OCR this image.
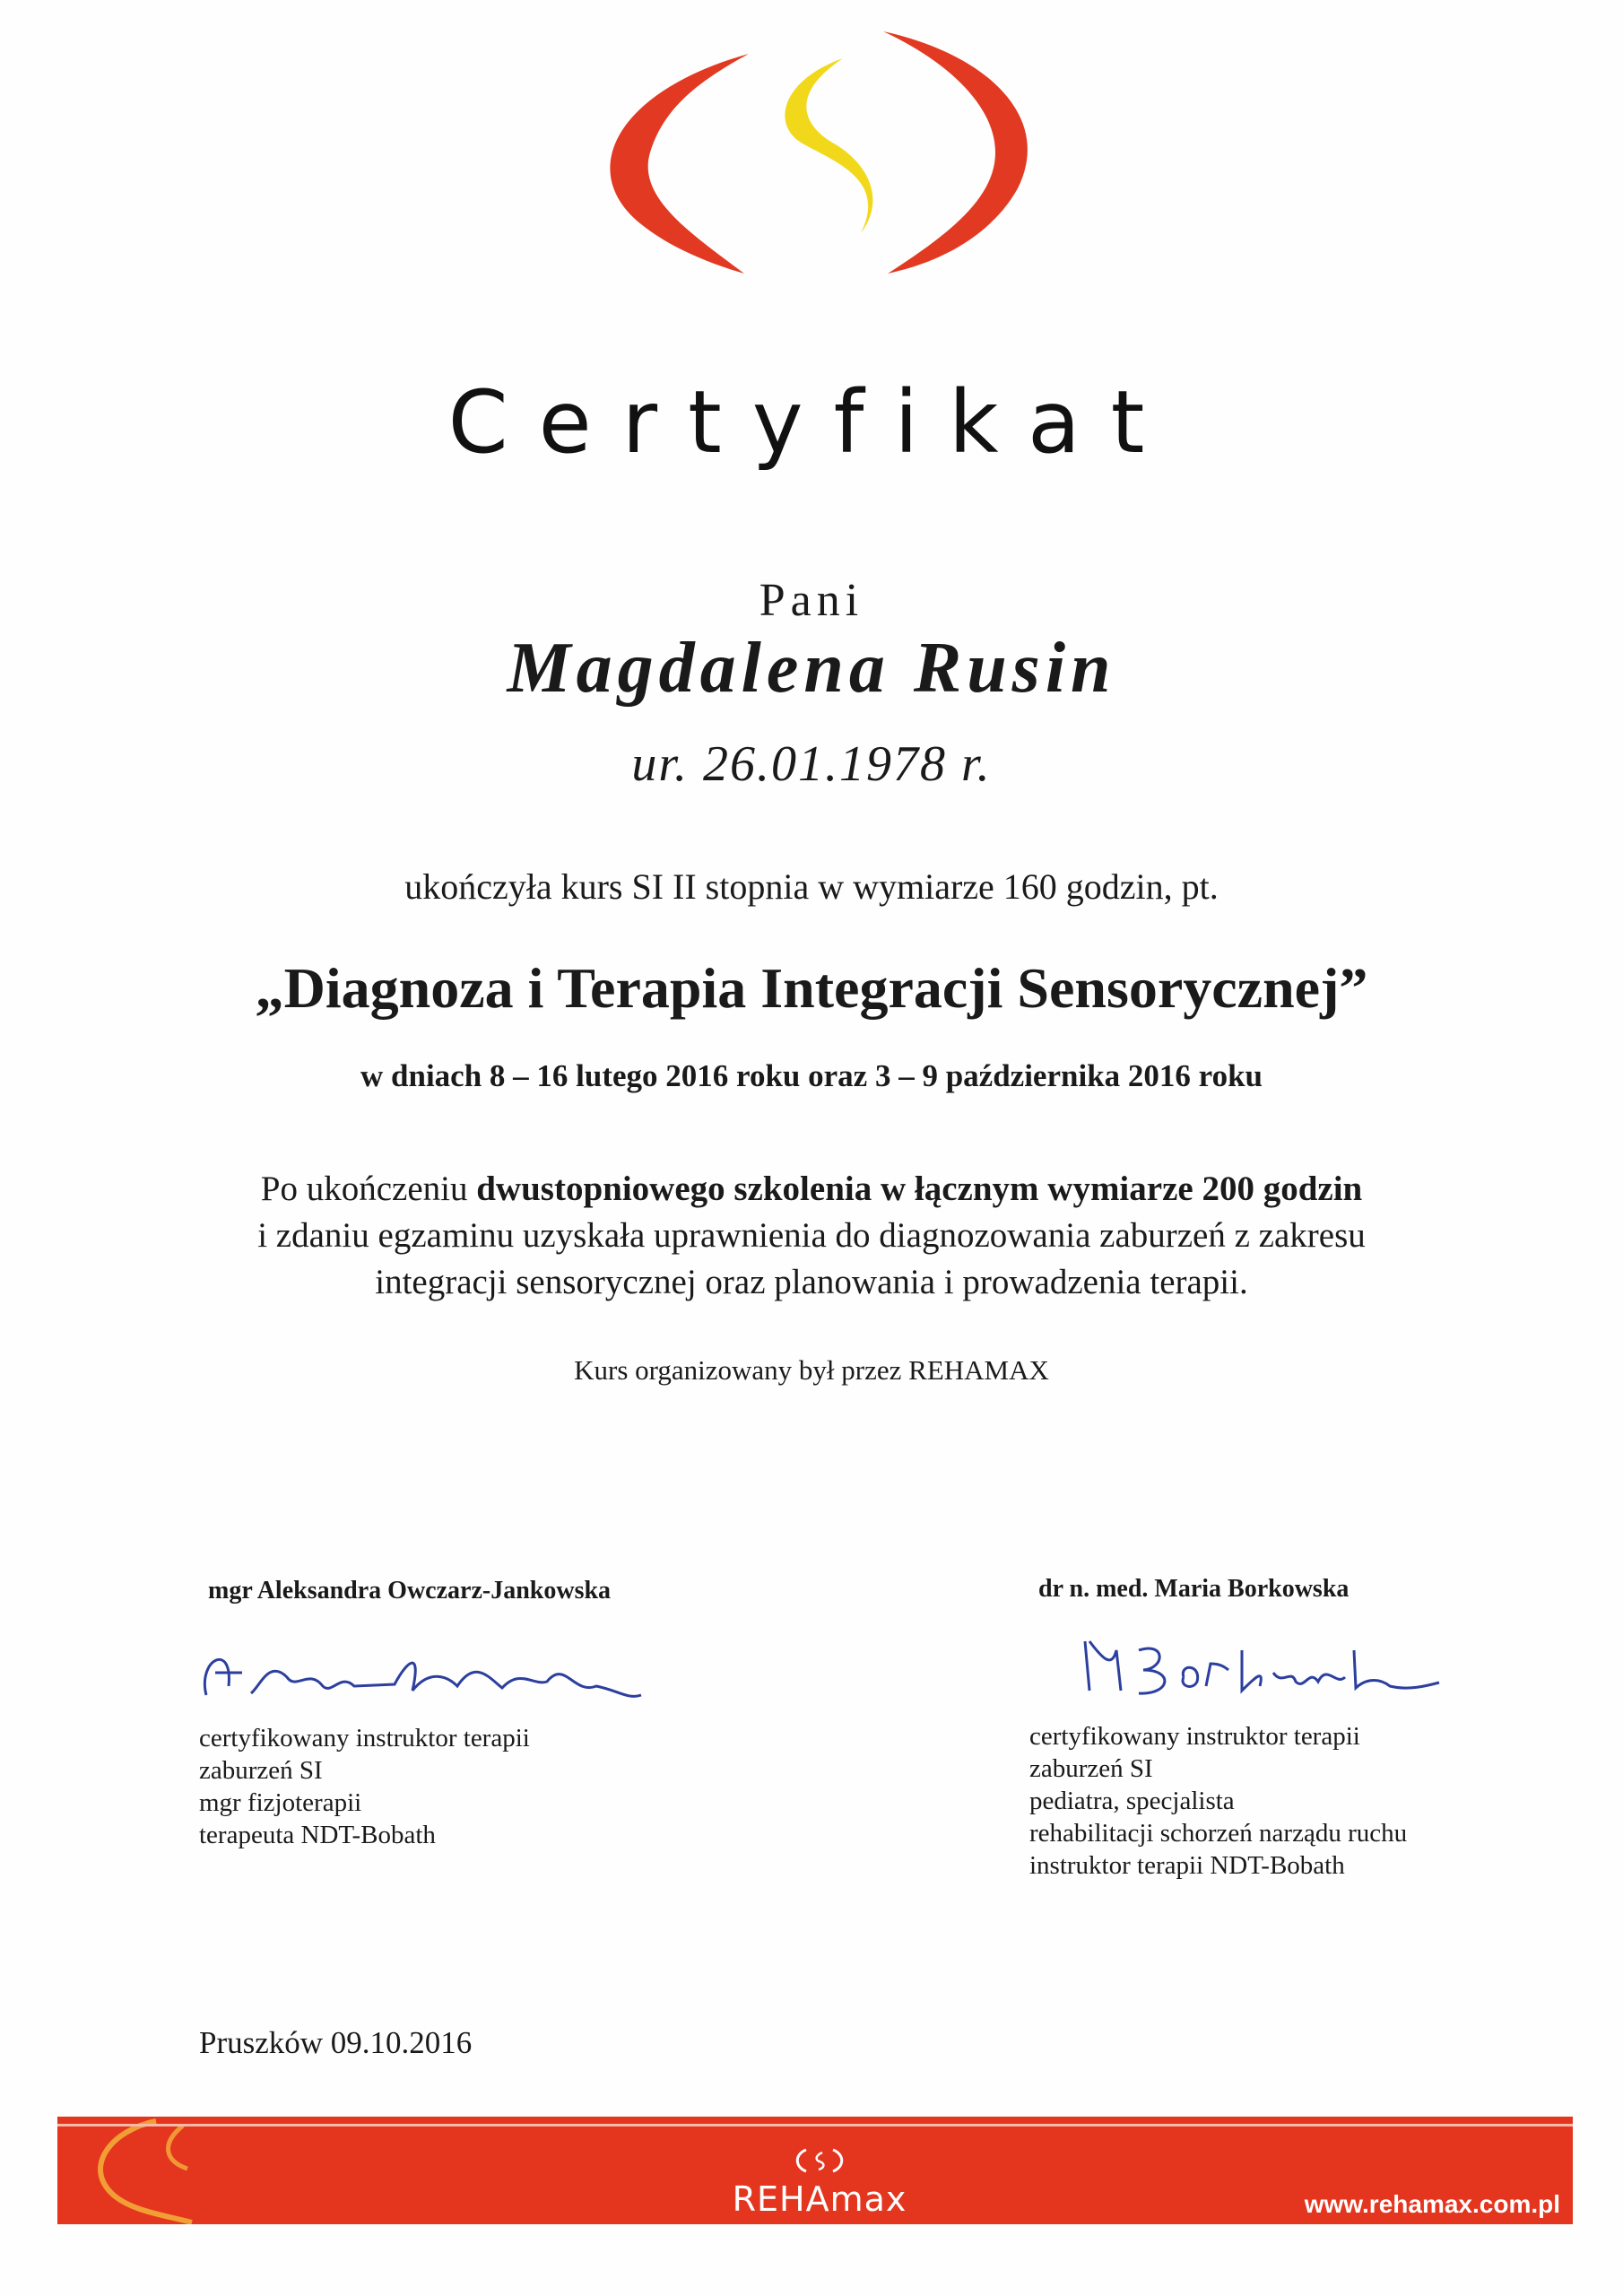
Certyfikat
Pani
Magdalena Rusin
ur. 26.01.1978 r.
ukończyła kurs SI II stopnia w wymiarze 160 godzin, pt.
„Diagnoza i Terapia Integracji Sensorycznej”
w dniach 8 – 16 lutego 2016 roku oraz 3 – 9 października 2016 roku
Po ukończeniu dwustopniowego szkolenia w łącznym wymiarze 200 godzin
i zdaniu egzaminu uzyskała uprawnienia do diagnozowania zaburzeń z zakresu
integracji sensorycznej oraz planowania i prowadzenia terapii.
Kurs organizowany był przez REHAMAX
mgr Aleksandra Owczarz-Jankowska
certyfikowany instruktor terapii
zaburzeń SI
mgr fizjoterapii
terapeuta NDT-Bobath
dr n. med. Maria Borkowska
certyfikowany instruktor terapii
zaburzeń SI
pediatra, specjalista
rehabilitacji schorzeń narządu ruchu
instruktor terapii NDT-Bobath
Pruszków 09.10.2016
REHAmax	www.rehamax.com.pl
